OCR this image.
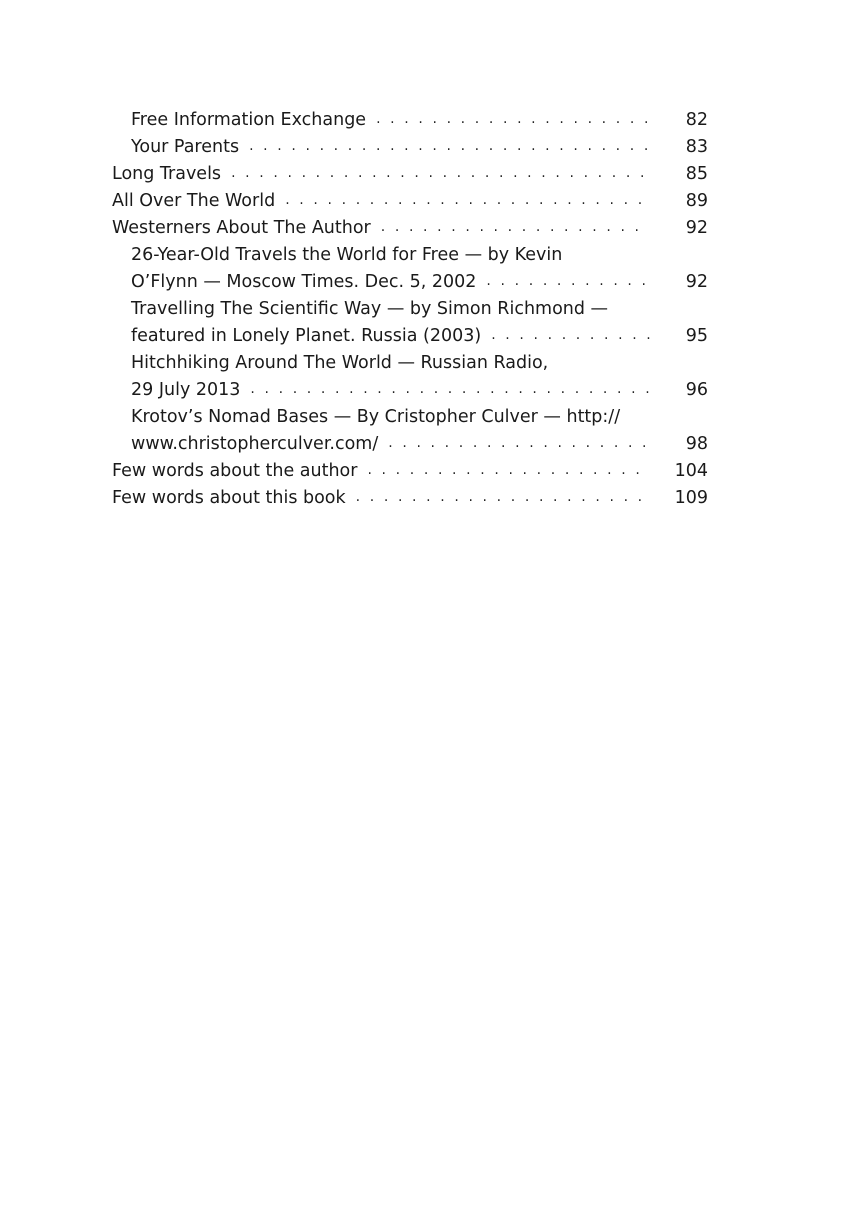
Free Information Exchange . . .	82
Your Parents . . .	83
Long Travels . . .	85
All Over The World . . .	89
Westerners About The Author . . .	92
26-Year-Old Travels the World for Free — by Kevin
O’Flynn — Moscow Times. Dec. 5, 2002 . . .	92
Travelling The Scientific Way — by Simon Richmond —
featured in Lonely Planet. Russia (2003) . . .	95
Hitchhiking Around The World — Russian Radio,
29 July 2013 . . .	96
Krotov’s Nomad Bases — By Cristopher Culver — http://
www.christopherculver.com/ . . .	98
Few words about the author . . .	104
Few words about this book . . .	109
